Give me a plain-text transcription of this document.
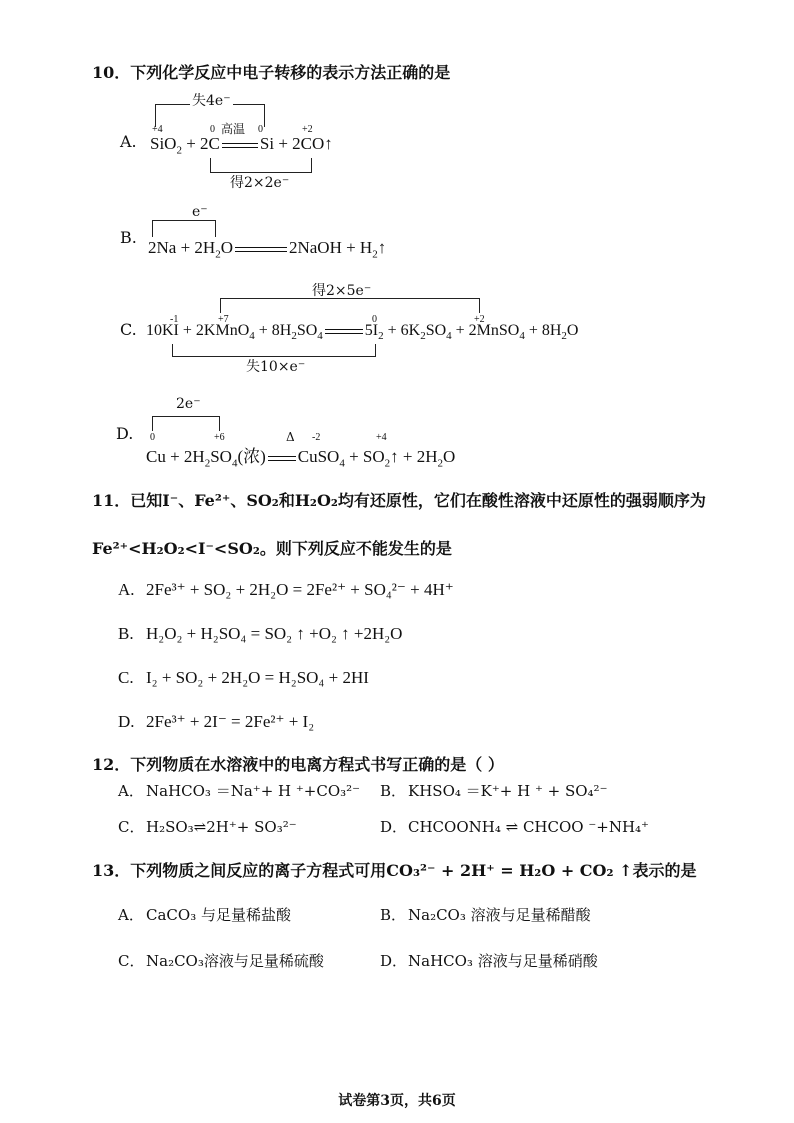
10．下列化学反应中电子转移的表示方法正确的是
A.
失4e⁻
+4	0	0	+2
高温
SiO$_2$ + 2C Si + 2CO↑
得2×2e⁻
B.
e⁻
$2Na + 2H_2O$	2NaOH + $H_2↑$
得2×5e⁻
C.
-1	+7	0	+2
10KI + 2KMnO$_4$ + $8H_2SO_4$	$5I_2 + 6K_2SO_4$ + 2MnSO$_4$ + $8H_2O$
失10×e⁻
2e⁻
D. 0	+6	-2	+4
Δ
$Cu + 2H_2SO_4$(浓) CuSO$_4$ + $SO_2↑ + 2H_2O$
11．已知I⁻、Fe²⁺、SO₂和H₂O₂均有还原性，它们在酸性溶液中还原性的强弱顺序为
Fe²⁺<H₂O₂<I⁻<SO₂。则下列反应不能发生的是
A. 2Fe³⁺ + SO₂ + 2H₂O = 2Fe²⁺ + SO₄²⁻ + 4H⁺
B. H₂O₂ + H₂SO₄ = SO₂ ↑ +O₂ ↑ +2H₂O
C. I₂ + SO₂ + 2H₂O = H₂SO₄ + 2HI
D. 2Fe³⁺ + 2I⁻ = 2Fe²⁺ + I₂
12．下列物质在水溶液中的电离方程式书写正确的是（ ）
A． NaHCO₃ ＝Na⁺+ H ⁺+CO₃²⁻ B． KHSO₄ ＝K⁺+ H ⁺ + SO₄²⁻
C． H₂SO₃⇌2H⁺+ SO₃²⁻	D．CHCOONH₄ ⇌ CHCOO ⁻+NH₄⁺
13．下列物质之间反应的离子方程式可用CO₃²⁻ + 2H⁺ = H₂O + CO₂ ↑表示的是
A． CaCO₃ 与足量稀盐酸	B． Na₂CO₃ 溶液与足量稀醋酸
C． Na₂CO₃溶液与足量稀硫酸	D．NaHCO₃ 溶液与足量稀硝酸
试卷第3页，共6页
